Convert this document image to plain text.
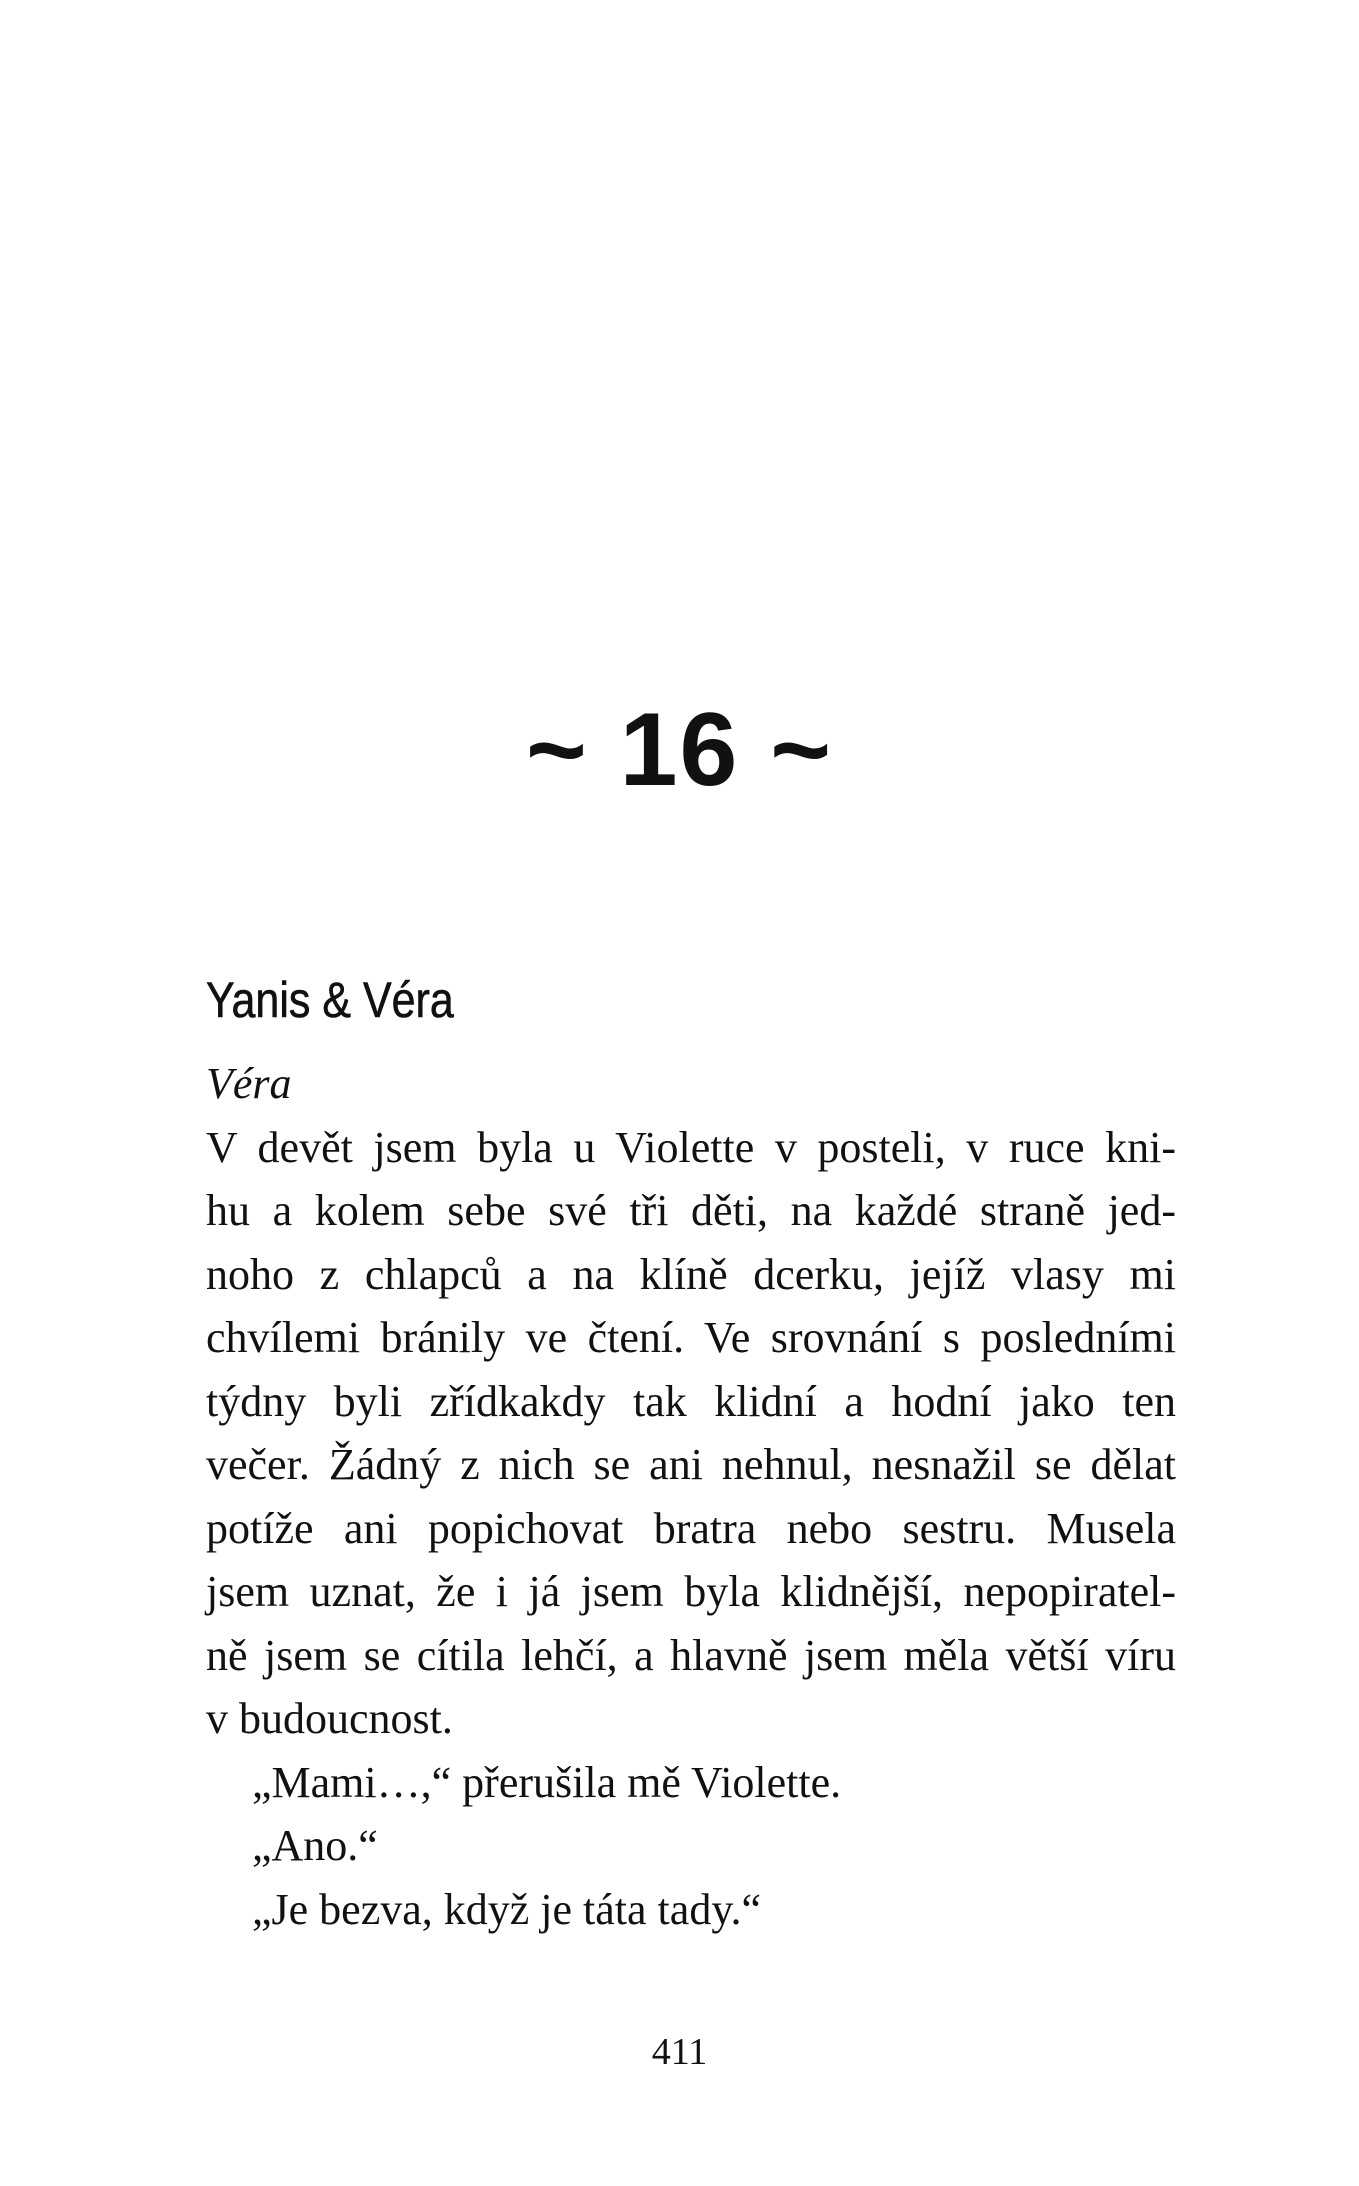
~ 16 ~
Yanis & Véra
Véra
V devět jsem byla u Violette v posteli, v ruce kni-
hu a kolem sebe své tři děti, na každé straně jed-
noho z chlapců a na klíně dcerku, jejíž vlasy mi
chvílemi bránily ve čtení. Ve srovnání s posledními
týdny byli zřídkakdy tak klidní a hodní jako ten
večer. Žádný z nich se ani nehnul, nesnažil se dělat
potíže ani popichovat bratra nebo sestru. Musela
jsem uznat, že i já jsem byla klidnější, nepopiratel-
ně jsem se cítila lehčí, a hlavně jsem měla větší víru
v budoucnost.
„Mami…,“ přerušila mě Violette.
„Ano.“
„Je bezva, když je táta tady.“
411
